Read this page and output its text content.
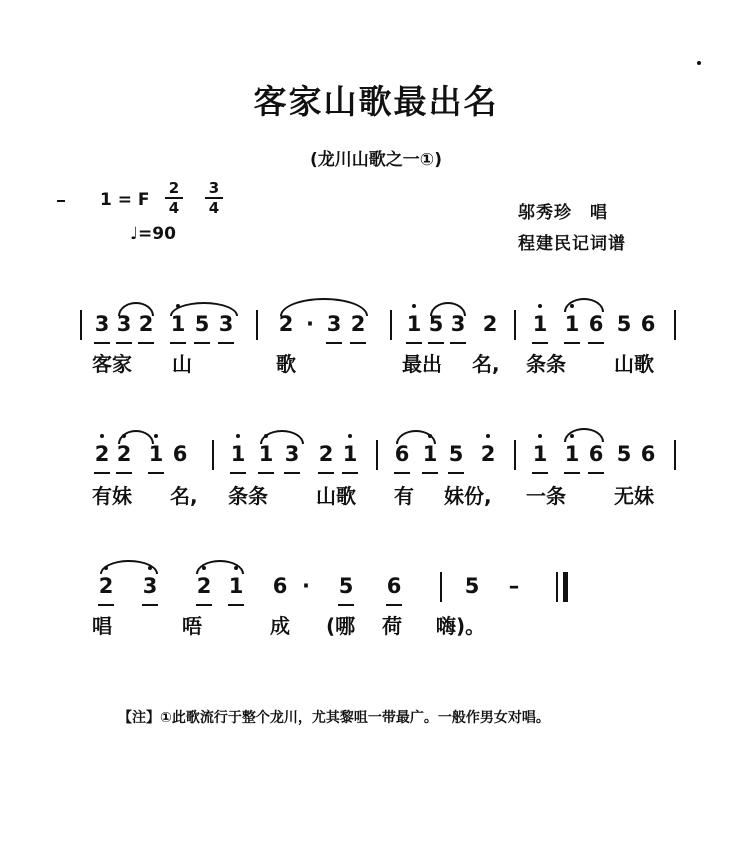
客家山歌最出名
(龙川山歌之一①)
1 = F
2
4
3
4
♩=90
邬秀珍　唱
程建民记词谱
3 3 2 1 5 3 2 · 3 2 1 5 3 2 1 1 6 5 6
客家 山	歌	最出 名, 条条 山歌
2 2 1 6 1 1 3 2 1 6 1 5 2 1 1 6 5 6
有妹 名, 条条 山歌 有 妹份, 一条 无妹
2 3 2 1 6 · 5 6	5 –
唱	唔	成 (哪 荷 嗨)。
【注】①此歌流行于整个龙川，尤其黎咀一带最广。一般作男女对唱。
